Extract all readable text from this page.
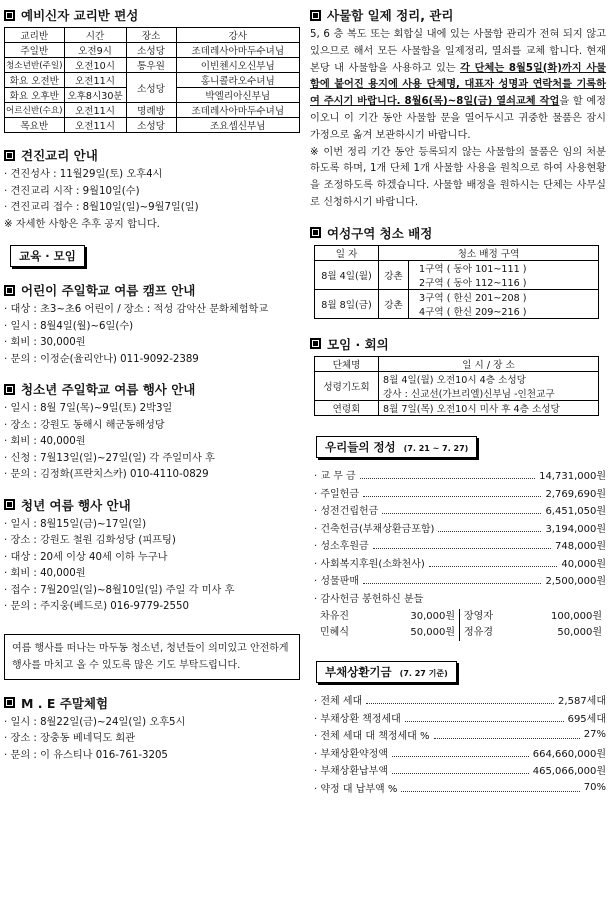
예비신자 교리반 편성
교리반	시간	장소	강사
주일반	오전9시	소성당	조데레사아마두수녀님
청소년반(주일)	오전10시	통우원	이빈첸시오신부님
화요 오전반	오전11시	소성당	홍니콜라오수녀님
화요 오후반	오후8시30분		박엘리아신부님
어르신반(수요)	오전11시	명례방	조데레사아마두수녀님
목요반	오전11시	소성당	조요셉신부님
견진교리 안내
· 견진성사 : 11월29일(토) 오후4시
· 견진교리 시작 : 9월10일(수)
· 견진교리 접수 : 8월10일(일)~9월7일(일)
※ 자세한 사항은 추후 공지 합니다.
교육 · 모임
어린이 주일학교 여름 캠프 안내
· 대상 : 초3~초6 어린이 / 장소 : 적성 감악산 문화체험학교
· 일시 : 8월4일(월)~6일(수)
· 회비 : 30,000원
· 문의 : 이정순(율리안나) 011-9092-2389
청소년 주일학교 여름 행사 안내
· 일시 : 8월 7일(목)~9일(토) 2박3일
· 장소 : 강원도 동해시 해군동해성당
· 회비 : 40,000원
· 신청 : 7월13일(일)~27일(일) 각 주일미사 후
· 문의 : 김정화(프란치스카) 010-4110-0829
청년 여름 행사 안내
· 일시 : 8월15일(금)~17일(일)
· 장소 : 강원도 철원 김화성당 (피프팅)
· 대상 : 20세 이상 40세 이하 누구나
· 회비 : 40,000원
· 접수 : 7월20일(일)~8월10일(일) 주일 각 미사 후
· 문의 : 주지웅(베드로) 016-9779-2550
여름 행사를 떠나는 마두동 청소년, 청년들이 의미있고 안전하게 행사를 마치고 올 수 있도록 많은 기도 부탁드립니다.
M . E 주말체험
· 일시 : 8월22일(금)~24일(일) 오후5시
· 장소 : 장충동 베네딕도 회관
· 문의 : 이 유스티나 016-761-3205
사물함 일제 정리, 관리
5, 6 층 복도 또는 회합실 내에 있는 사물함 관리가 전혀 되지 않고 있으므로 해서 모든 사물함을 일제정리, 열쇠를 교체 합니다. 현재 본당 내 사물함을 사용하고 있는 각 단체는 8월5일(화)까지 사물함에 붙어진 용지에 사용 단체명, 대표자 성명과 연락처를 기록하여 주시기 바랍니다. 8월6(목)~8일(금) 열쇠교체 작업을 할 예정이오니 이 기간 동안 사물함 문을 열어두시고 귀중한 물품은 잠시 가정으로 옮겨 보관하시기 바랍니다.
※ 이번 정리 기간 동안 등록되지 않는 사물함의 물품은 임의 처분하도록 하며, 1개 단체 1개 사물함 사용을 원칙으로 하여 사용현황을 조정하도록 하겠습니다. 사물함 배정을 원하시는 단체는 사무실로 신청하시기 바랍니다.
여성구역 청소 배정
일 자	청소 배정 구역	
8월 4일(월)	강촌	1구역 ( 동아 101~111 )
		2구역 ( 동아 112~116 )
8월 8일(금)	강촌	3구역 ( 한신 201~208 )
		4구역 ( 한신 209~216 )
모임 · 회의
단체명	일 시 / 장 소
성령기도회	8월 4일(월) 오전10시 4층 소성당
	강사 : 신교선(가브리엘)신부님 -인천교구
연령회	8월 7일(목) 오전10시 미사 후 4층 소성당
우리들의 정성 (7. 21 ~ 7. 27)
· 교 무 금	14,731,000원
· 주일헌금	2,769,690원
· 성전건립헌금	6,451,050원
· 건축헌금(부채상환금포함)	3,194,000원
· 성소후원금	748,000원
· 사회복지후원(소화천사)	40,000원
· 성물판매	2,500,000원
· 감사헌금 봉헌하신 분들
차유진	30,000원 장영자	100,000원
민혜식	50,000원 정유경	50,000원
부채상환기금 (7. 27 기준)
· 전체 세대	2,587세대
· 부채상환 책정세대	695세대
· 전체 세대 대 책정세대 %	27%
· 부채상환약정액	664,660,000원
· 부채상환납부액	465,066,000원
· 약정 대 납부액 %	70%
